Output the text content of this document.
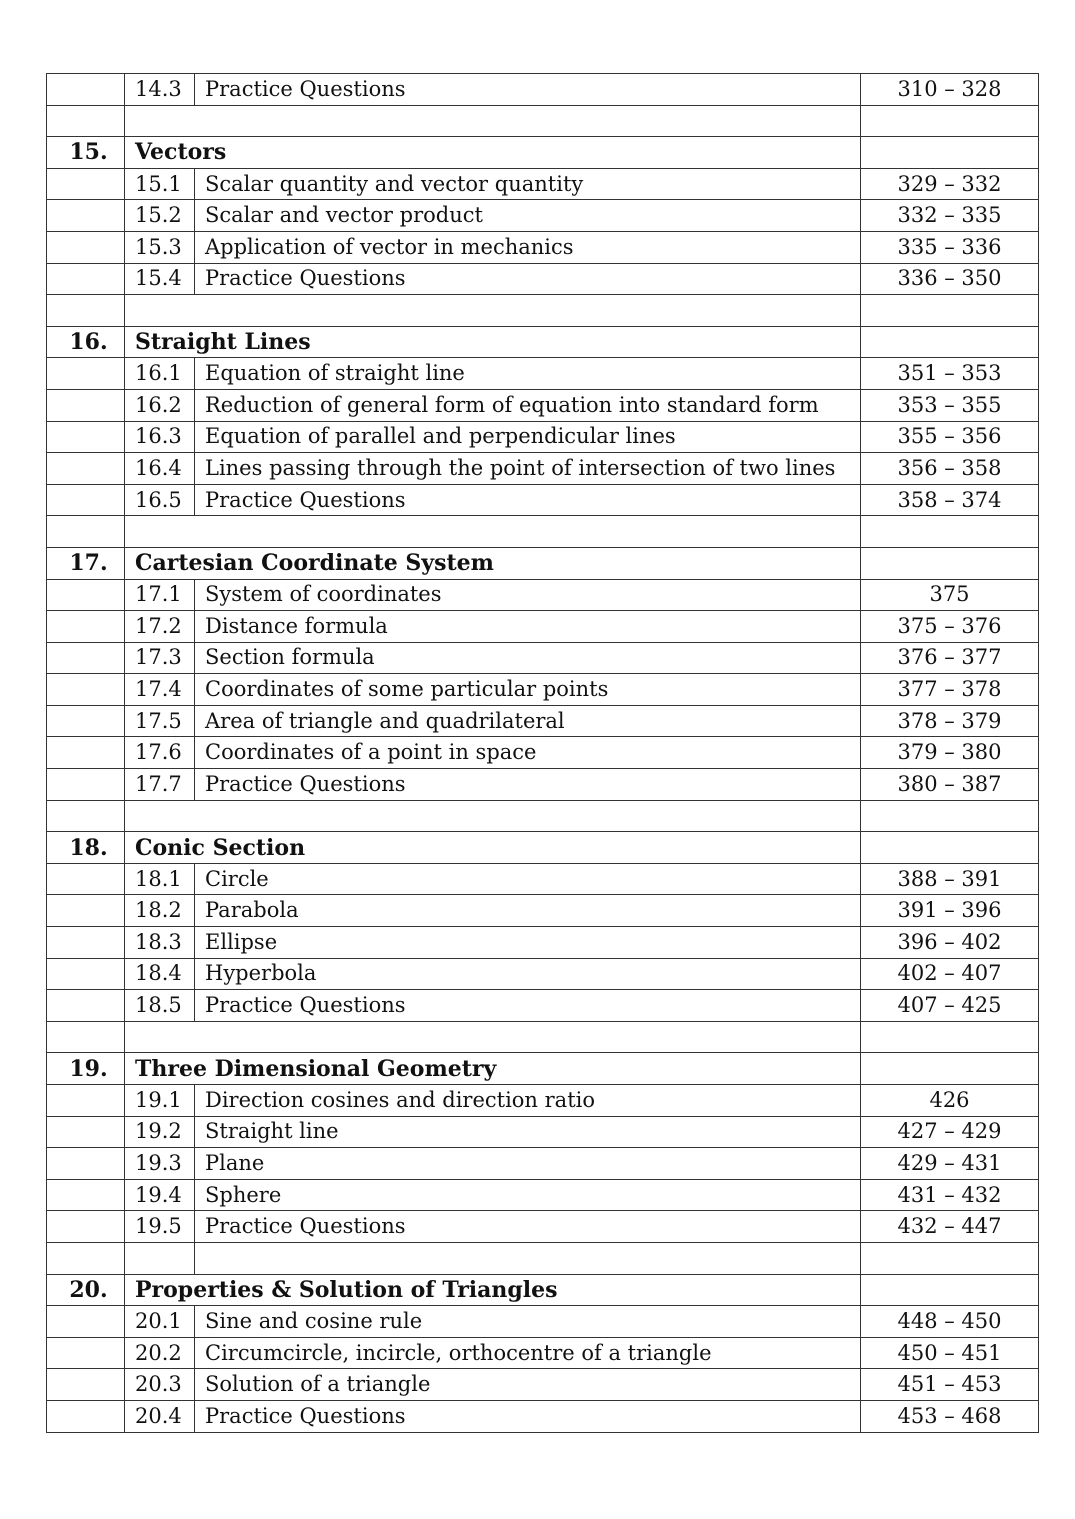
	14.3	Practice Questions	310 – 328

15.	Vectors		
	15.1	Scalar quantity and vector quantity	329 – 332
	15.2	Scalar and vector product	332 – 335
	15.3	Application of vector in mechanics	335 – 336
	15.4	Practice Questions	336 – 350

16.	Straight Lines		
	16.1	Equation of straight line	351 – 353
	16.2	Reduction of general form of equation into standard form	353 – 355
	16.3	Equation of parallel and perpendicular lines	355 – 356
	16.4	Lines passing through the point of intersection of two lines	356 – 358
	16.5	Practice Questions	358 – 374

17.	Cartesian Coordinate System		
	17.1	System of coordinates	375
	17.2	Distance formula	375 – 376
	17.3	Section formula	376 – 377
	17.4	Coordinates of some particular points	377 – 378
	17.5	Area of triangle and quadrilateral	378 – 379
	17.6	Coordinates of a point in space	379 – 380
	17.7	Practice Questions	380 – 387

18.	Conic Section		
	18.1	Circle	388 – 391
	18.2	Parabola	391 – 396
	18.3	Ellipse	396 – 402
	18.4	Hyperbola	402 – 407
	18.5	Practice Questions	407 – 425

19.	Three Dimensional Geometry		
	19.1	Direction cosines and direction ratio	426
	19.2	Straight line	427 – 429
	19.3	Plane	429 – 431
	19.4	Sphere	431 – 432
	19.5	Practice Questions	432 – 447

20.	Properties & Solution of Triangles		
	20.1	Sine and cosine rule	448 – 450
	20.2	Circumcircle, incircle, orthocentre of a triangle	450 – 451
	20.3	Solution of a triangle	451 – 453
	20.4	Practice Questions	453 – 468
